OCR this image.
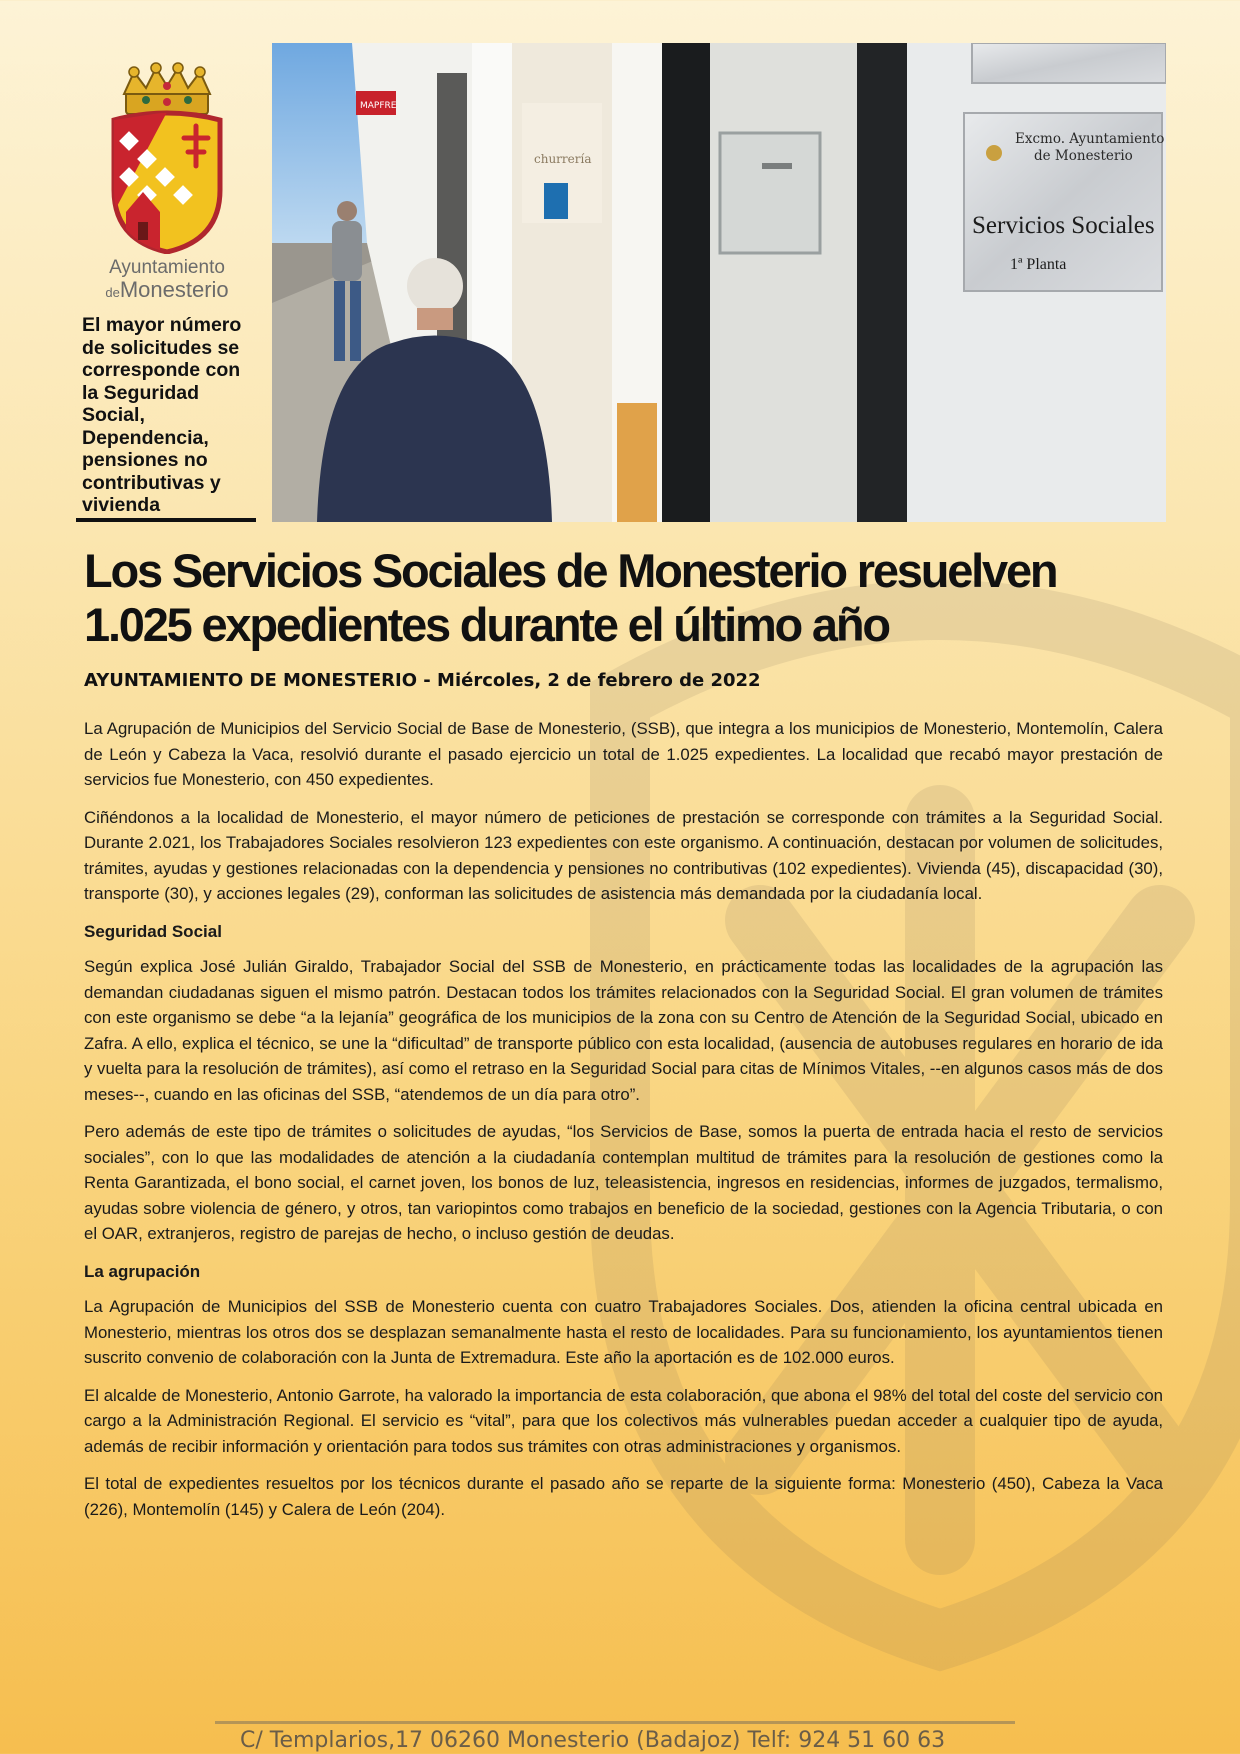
Ayuntamiento
deMonesterio
El mayor número de solicitudes se corresponde con la Seguridad Social, Dependencia, pensiones no contributivas y vivienda
MAPFRE
churrería
Excmo. Ayuntamiento
de Monesterio
Servicios Sociales
1ª Planta
Los Servicios Sociales de Monesterio resuelven
1.025 expedientes durante el último año
AYUNTAMIENTO DE MONESTERIO - Miércoles, 2 de febrero de 2022

La Agrupación de Municipios del Servicio Social de Base de Monesterio, (SSB), que integra a los municipios de Monesterio, Montemolín, Calera de León y Cabeza la Vaca, resolvió durante el pasado ejercicio un total de 1.025 expedientes. La localidad que recabó mayor prestación de servicios fue Monesterio, con 450 expedientes.

Ciñéndonos a la localidad de Monesterio, el mayor número de peticiones de prestación se corresponde con trámites a la Seguridad Social. Durante 2.021, los Trabajadores Sociales resolvieron 123 expedientes con este organismo. A continuación, destacan por volumen de solicitudes, trámites, ayudas y gestiones relacionadas con la dependencia y pensiones no contributivas (102 expedientes). Vivienda (45), discapacidad (30), transporte (30), y acciones legales (29), conforman las solicitudes de asistencia más demandada por la ciudadanía local.

Seguridad Social

Según explica José Julián Giraldo, Trabajador Social del SSB de Monesterio, en prácticamente todas las localidades de la agrupación las demandan ciudadanas siguen el mismo patrón. Destacan todos los trámites relacionados con la Seguridad Social. El gran volumen de trámites con este organismo se debe “a la lejanía” geográfica de los municipios de la zona con su Centro de Atención de la Seguridad Social, ubicado en Zafra. A ello, explica el técnico, se une la “dificultad” de transporte público con esta localidad, (ausencia de autobuses regulares en horario de ida y vuelta para la resolución de trámites), así como el retraso en la Seguridad Social para citas de Mínimos Vitales, --en algunos casos más de dos meses--, cuando en las oficinas del SSB, “atendemos de un día para otro”.

Pero además de este tipo de trámites o solicitudes de ayudas, “los Servicios de Base, somos la puerta de entrada hacia el resto de servicios sociales”, con lo que las modalidades de atención a la ciudadanía contemplan multitud de trámites para la resolución de gestiones como la Renta Garantizada, el bono social, el carnet joven, los bonos de luz, teleasistencia, ingresos en residencias, informes de juzgados, termalismo, ayudas sobre violencia de género, y otros, tan variopintos como trabajos en beneficio de la sociedad, gestiones con la Agencia Tributaria, o con el OAR, extranjeros, registro de parejas de hecho, o incluso gestión de deudas.

La agrupación

La Agrupación de Municipios del SSB de Monesterio cuenta con cuatro Trabajadores Sociales. Dos, atienden la oficina central ubicada en Monesterio, mientras los otros dos se desplazan semanalmente hasta el resto de localidades. Para su funcionamiento, los ayuntamientos tienen suscrito convenio de colaboración con la Junta de Extremadura. Este año la aportación es de 102.000 euros.

El alcalde de Monesterio, Antonio Garrote, ha valorado la importancia de esta colaboración, que abona el 98% del total del coste del servicio con cargo a la Administración Regional. El servicio es “vital”, para que los colectivos más vulnerables puedan acceder a cualquier tipo de ayuda, además de recibir información y orientación para todos sus trámites con otras administraciones y organismos.

El total de expedientes resueltos por los técnicos durante el pasado año se reparte de la siguiente forma: Monesterio (450), Cabeza la Vaca (226), Montemolín (145) y Calera de León (204).

C/ Templarios,17 06260 Monesterio (Badajoz) Telf: 924 51 60 63
